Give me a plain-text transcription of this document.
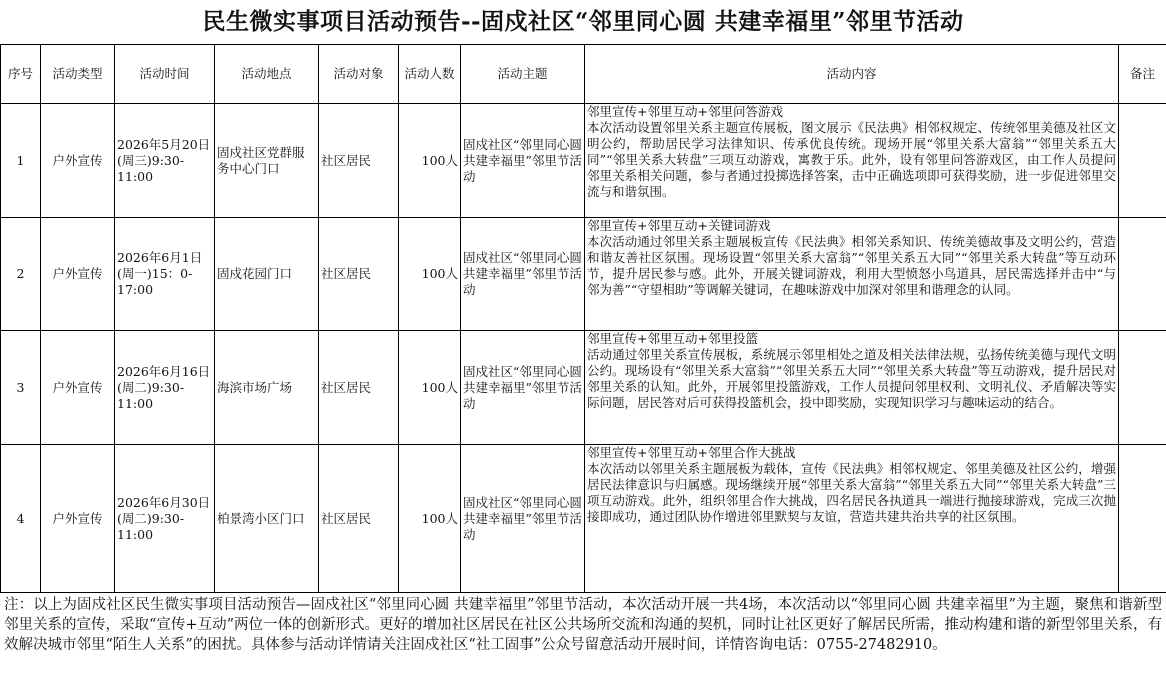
民生微实事项目活动预告--固戍社区“邻里同心圆 共建幸福里”邻里节活动
序号	活动类型	活动时间	活动地点	活动对象	活动人数	活动主题	活动内容	备注
1	户外宣传	2026年5月20日(周三)9:30-11:00	固戍社区党群服务中心门口	社区居民	100人	固戍社区“邻里同心圆 共建幸福里”邻里节活动	邻里宣传+邻里互动+邻里问答游戏
本次活动设置邻里关系主题宣传展板，图文展示《民法典》相邻权规定、传统邻里美德及社区文明公约，帮助居民学习法律知识、传承优良传统。现场开展“邻里关系大富翁”“邻里关系五大同”“邻里关系大转盘”三项互动游戏，寓教于乐。此外，设有邻里问答游戏区，由工作人员提问邻里关系相关问题，参与者通过投掷选择答案，击中正确选项即可获得奖励，进一步促进邻里交流与和谐氛围。	
2	户外宣传	2026年6月1日(周一)15：0-17:00	固戍花园门口	社区居民	100人	固戍社区“邻里同心圆 共建幸福里”邻里节活动	邻里宣传+邻里互动+关键词游戏
本次活动通过邻里关系主题展板宣传《民法典》相邻关系知识、传统美德故事及文明公约，营造和谐友善社区氛围。现场设置“邻里关系大富翁”“邻里关系五大同”“邻里关系大转盘”等互动环节，提升居民参与感。此外，开展关键词游戏，利用大型愤怒小鸟道具，居民需选择并击中“与邻为善”“守望相助”等调解关键词，在趣味游戏中加深对邻里和谐理念的认同。	
3	户外宣传	2026年6月16日(周二)9:30-11:00	海滨市场广场	社区居民	100人	固戍社区“邻里同心圆 共建幸福里”邻里节活动	邻里宣传+邻里互动+邻里投篮
活动通过邻里关系宣传展板，系统展示邻里相处之道及相关法律法规，弘扬传统美德与现代文明公约。现场设有“邻里关系大富翁”“邻里关系五大同”“邻里关系大转盘”等互动游戏，提升居民对邻里关系的认知。此外，开展邻里投篮游戏，工作人员提问邻里权利、文明礼仪、矛盾解决等实际问题，居民答对后可获得投篮机会，投中即奖励，实现知识学习与趣味运动的结合。	
4	户外宣传	2026年6月30日(周二)9:30-11:00	柏景湾小区门口	社区居民	100人	固戍社区“邻里同心圆 共建幸福里”邻里节活动	邻里宣传+邻里互动+邻里合作大挑战
本次活动以邻里关系主题展板为载体，宣传《民法典》相邻权规定、邻里美德及社区公约，增强居民法律意识与归属感。现场继续开展“邻里关系大富翁”“邻里关系五大同”“邻里关系大转盘”三项互动游戏。此外，组织邻里合作大挑战，四名居民各执道具一端进行抛接球游戏，完成三次抛接即成功，通过团队协作增进邻里默契与友谊，营造共建共治共享的社区氛围。	
注：以上为固戍社区民生微实事项目活动预告—固戍社区“邻里同心圆 共建幸福里”邻里节活动，本次活动开展一共4场，本次活动以“邻里同心圆 共建幸福里”为主题，聚焦和谐新型邻里关系的宣传，采取“宣传+互动”两位一体的创新形式。更好的增加社区居民在社区公共场所交流和沟通的契机，同时让社区更好了解居民所需，推动构建和谐的新型邻里关系，有效解决城市邻里“陌生人关系”的困扰。具体参与活动详情请关注固戍社区“社工固事”公众号留意活动开展时间，详情咨询电话：0755-27482910。
